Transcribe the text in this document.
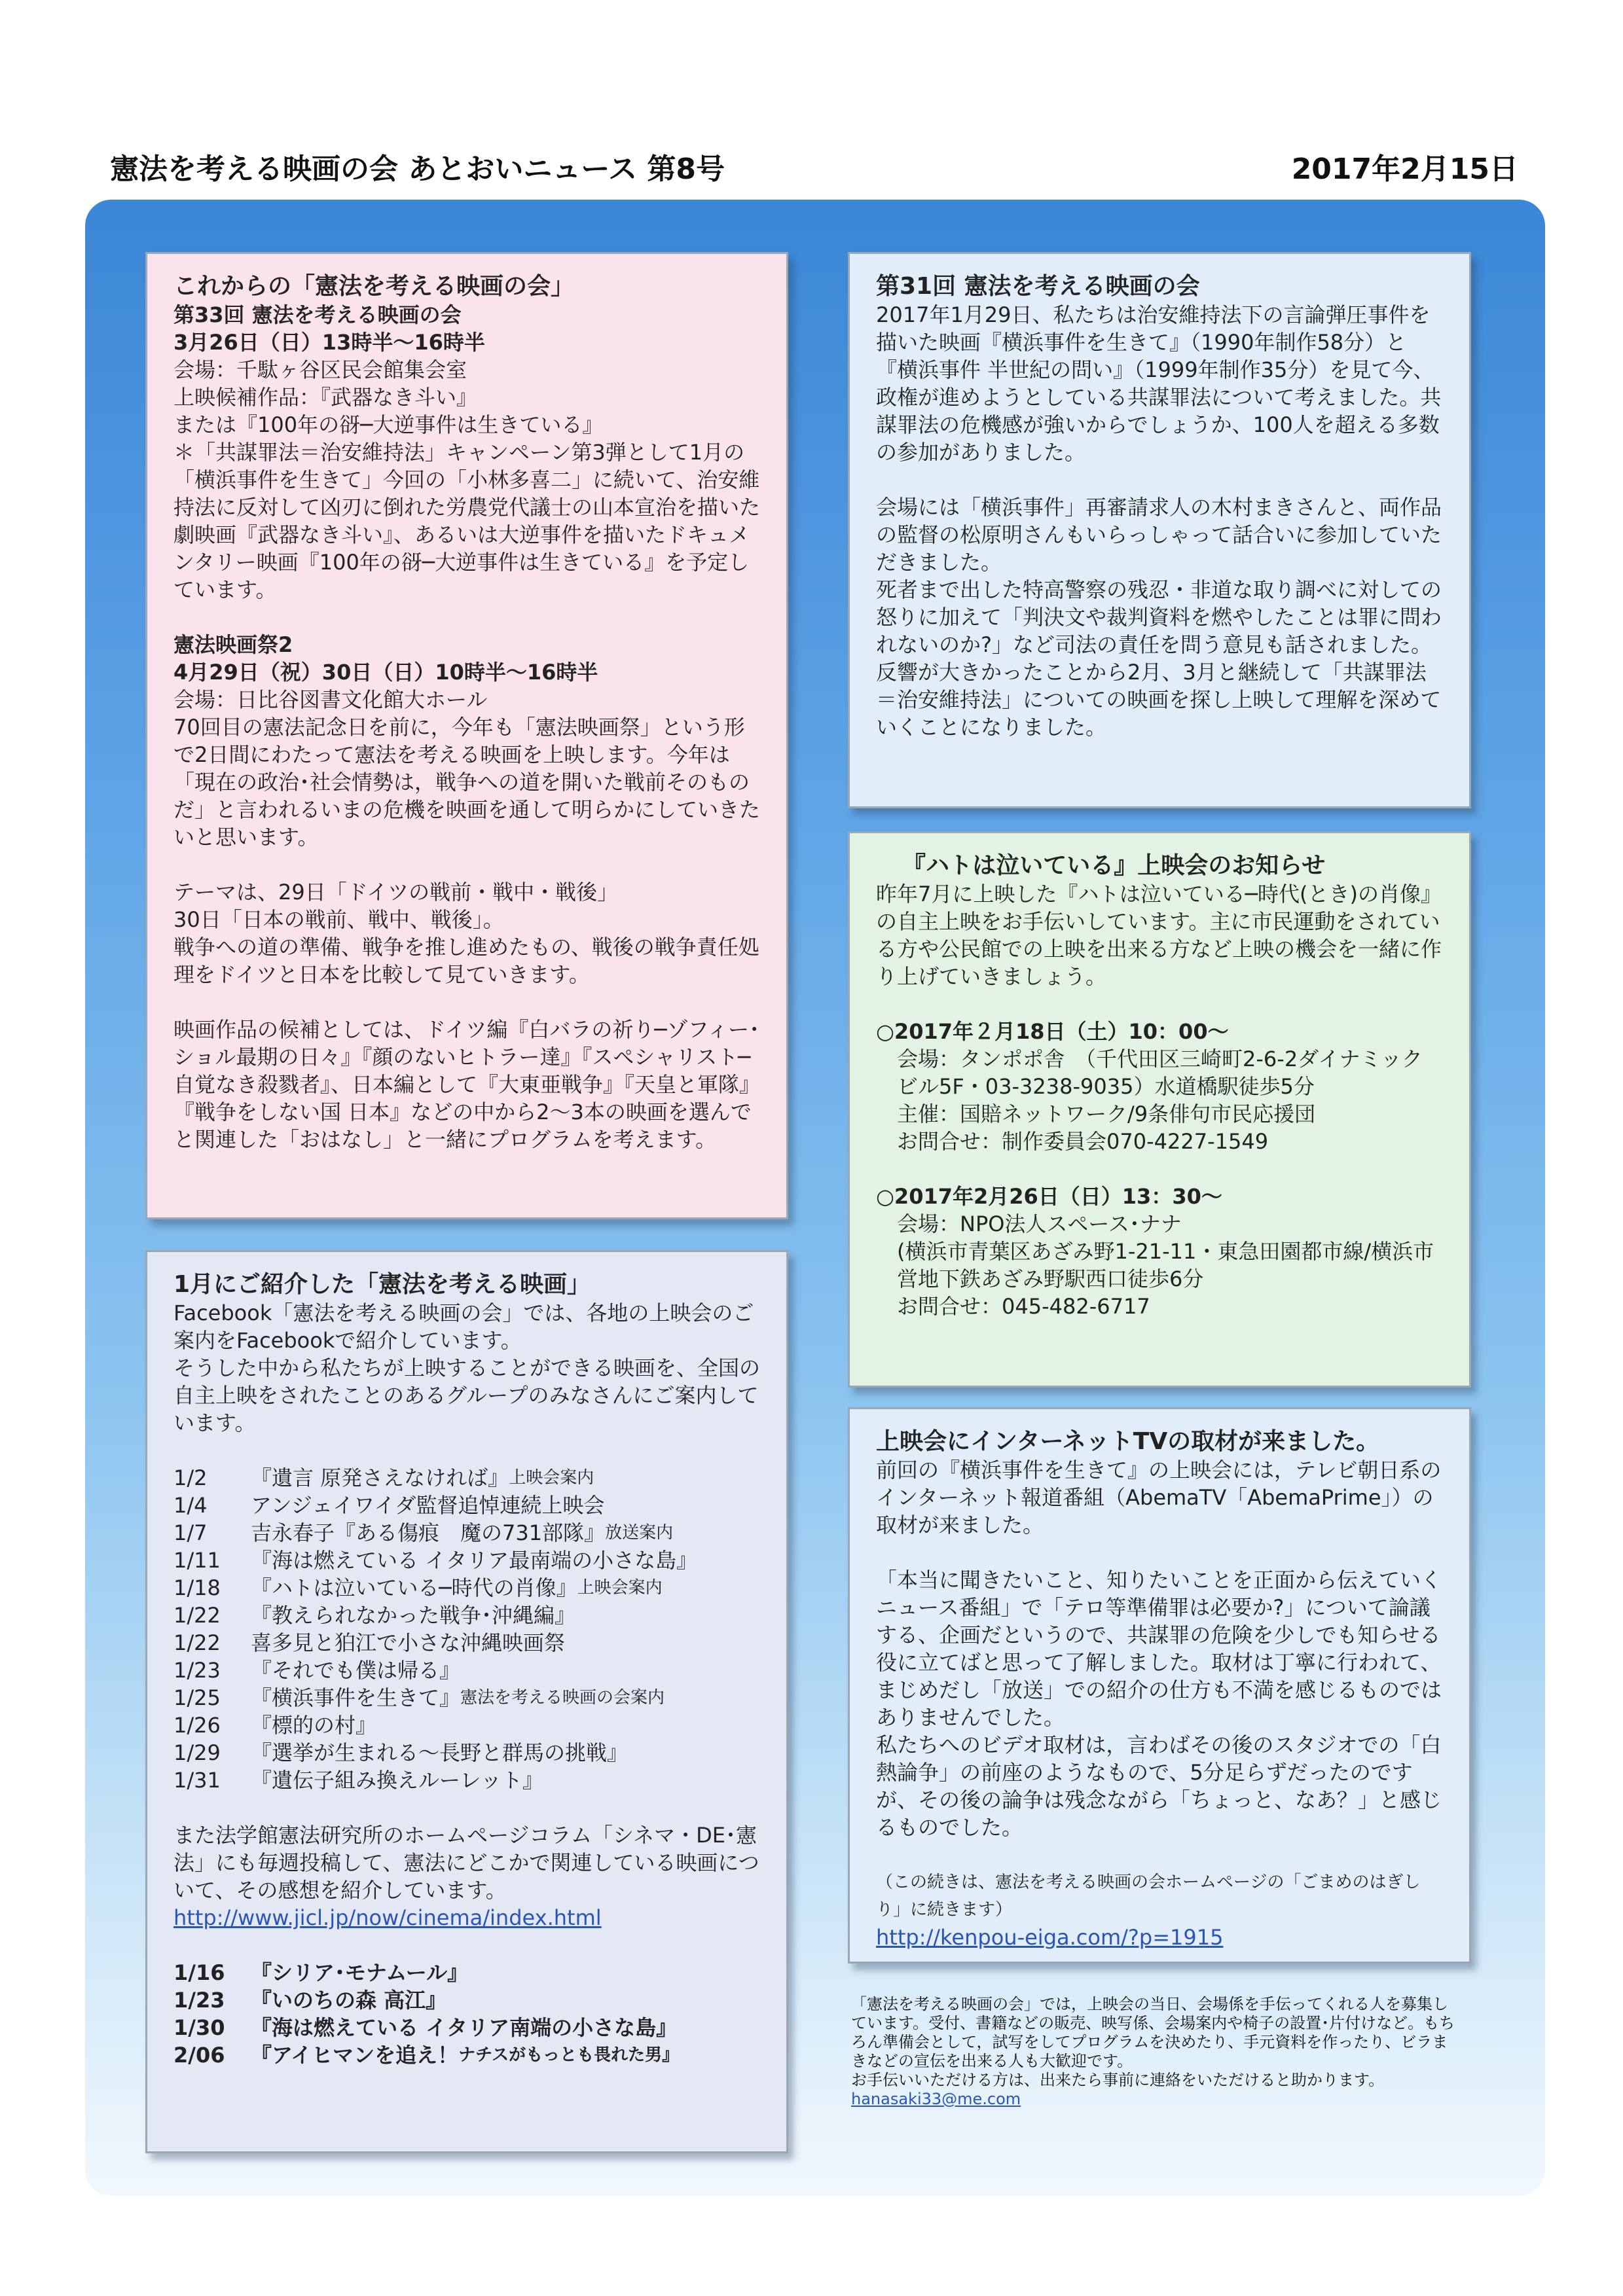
憲法を考える映画の会 あとおいニュース 第8号	2017年2月15日

これからの「憲法を考える映画の会」

第33回 憲法を考える映画の会

3月26日（日）13時半〜16時半

会場：千駄ヶ谷区民会館集会室

上映候補作品：『武器なき斗い』

または『100年の谺─大逆事件は生きている』

＊「共謀罪法＝治安維持法」キャンペーン第3弾として1月の「横浜事件を生きて」今回の「小林多喜二」に続いて、治安維持法に反対して凶刃に倒れた労農党代議士の山本宣治を描いた劇映画『武器なき斗い』、あるいは大逆事件を描いたドキュメンタリー映画『100年の谺─大逆事件は生きている』を予定しています。

憲法映画祭2

4月29日（祝）30日（日）10時半〜16時半

会場：日比谷図書文化館大ホール

70回目の憲法記念日を前に，今年も「憲法映画祭」という形で2日間にわたって憲法を考える映画を上映します。今年は「現在の政治･社会情勢は，戦争への道を開いた戦前そのものだ」と言われるいまの危機を映画を通して明らかにしていきたいと思います。

テーマは、29日「ドイツの戦前・戦中・戦後」

30日「日本の戦前、戦中、戦後」。

戦争への道の準備、戦争を推し進めたもの、戦後の戦争責任処理をドイツと日本を比較して見ていきます。

映画作品の候補としては、ドイツ編『白バラの祈り─ゾフィー･ショル最期の日々』『顔のないヒトラー達』『スペシャリスト─自覚なき殺戮者』、日本編として『大東亜戦争』『天皇と軍隊』『戦争をしない国 日本』などの中から2〜3本の映画を選んでと関連した「おはなし」と一緒にプログラムを考えます。

第31回 憲法を考える映画の会

2017年1月29日、私たちは治安維持法下の言論弾圧事件を描いた映画『横浜事件を生きて』（1990年制作58分）と『横浜事件 半世紀の問い』（1999年制作35分）を見て今、政権が進めようとしている共謀罪法について考えました。共謀罪法の危機感が強いからでしょうか、100人を超える多数の参加がありました。

会場には「横浜事件」再審請求人の木村まきさんと、両作品の監督の松原明さんもいらっしゃって話合いに参加していただきました。

死者まで出した特高警察の残忍・非道な取り調べに対しての怒りに加えて「判決文や裁判資料を燃やしたことは罪に問われないのか?」など司法の責任を問う意見も話されました。反響が大きかったことから2月、3月と継続して「共謀罪法＝治安維持法」についての映画を探し上映して理解を深めていくことになりました。

『ハトは泣いている』上映会のお知らせ

昨年7月に上映した『ハトは泣いている─時代(とき)の肖像』の自主上映をお手伝いしています。主に市民運動をされている方や公民館での上映を出来る方など上映の機会を一緒に作り上げていきましょう。

○2017年２月18日（土）10：00〜

会場：タンポポ舎　（千代田区三崎町2-6-2ダイナミックビル5F・03-3238-9035）水道橋駅徒歩5分

主催：国賠ネットワーク/9条俳句市民応援団

お問合せ：制作委員会070-4227-1549

○2017年2月26日（日）13：30〜

会場：NPO法人スペース･ナナ

(横浜市青葉区あざみ野1-21-11・東急田園都市線/横浜市営地下鉄あざみ野駅西口徒歩6分

お問合せ：045-482-6717

上映会にインターネットTVの取材が来ました。

前回の『横浜事件を生きて』の上映会には，テレビ朝日系のインターネット報道番組（AbemaTV「AbemaPrime」）の取材が来ました。

「本当に聞きたいこと、知りたいことを正面から伝えていくニュース番組」で「テロ等準備罪は必要か?」について論議する、企画だというので、共謀罪の危険を少しでも知らせる役に立てばと思って了解しました。取材は丁寧に行われて、まじめだし「放送」での紹介の仕方も不満を感じるものではありませんでした。

私たちへのビデオ取材は，言わばその後のスタジオでの「白熱論争」の前座のようなもので、5分足らずだったのですが、その後の論争は残念ながら「ちょっと、なあ？」と感じるものでした。

（この続きは、憲法を考える映画の会ホームページの「ごまめのはぎしり」に続きます）

http://kenpou-eiga.com/?p=1915

1月にご紹介した「憲法を考える映画」

Facebook「憲法を考える映画の会」では、各地の上映会のご案内をFacebookで紹介しています。

そうした中から私たちが上映することができる映画を、全国の自主上映をされたことのあるグループのみなさんにご案内しています。

1/2	『遺言 原発さえなければ』 上映会案内
1/4	アンジェイワイダ監督追悼連続上映会
1/7	吉永春子『ある傷痕　魔の731部隊』 放送案内
1/11	『海は燃えている イタリア最南端の小さな島』
1/18	『ハトは泣いている─時代の肖像』 上映会案内
1/22	『教えられなかった戦争･沖縄編』
1/22	喜多見と狛江で小さな沖縄映画祭
1/23	『それでも僕は帰る』
1/25	『横浜事件を生きて』 憲法を考える映画の会案内
1/26	『標的の村』
1/29	『選挙が生まれる〜長野と群馬の挑戦』
1/31	『遺伝子組み換えルーレット』

また法学館憲法研究所のホームページコラム「シネマ・DE･憲法」にも毎週投稿して、憲法にどこかで関連している映画について、その感想を紹介しています。

http://www.jicl.jp/now/cinema/index.html

1/16	『シリア･モナムール』
1/23	『いのちの森 高江』
1/30	『海は燃えている イタリア南端の小さな島』
2/06	『アイヒマンを追え！ ナチスがもっとも畏れた男』

「憲法を考える映画の会」では，上映会の当日、会場係を手伝ってくれる人を募集しています。受付、書籍などの販売、映写係、会場案内や椅子の設置･片付けなど。もちろん準備会として，試写をしてプログラムを決めたり、手元資料を作ったり、ビラまきなどの宣伝を出来る人も大歓迎です。

お手伝いいただける方は、出来たら事前に連絡をいただけると助かります。

hanasaki33@me.com
